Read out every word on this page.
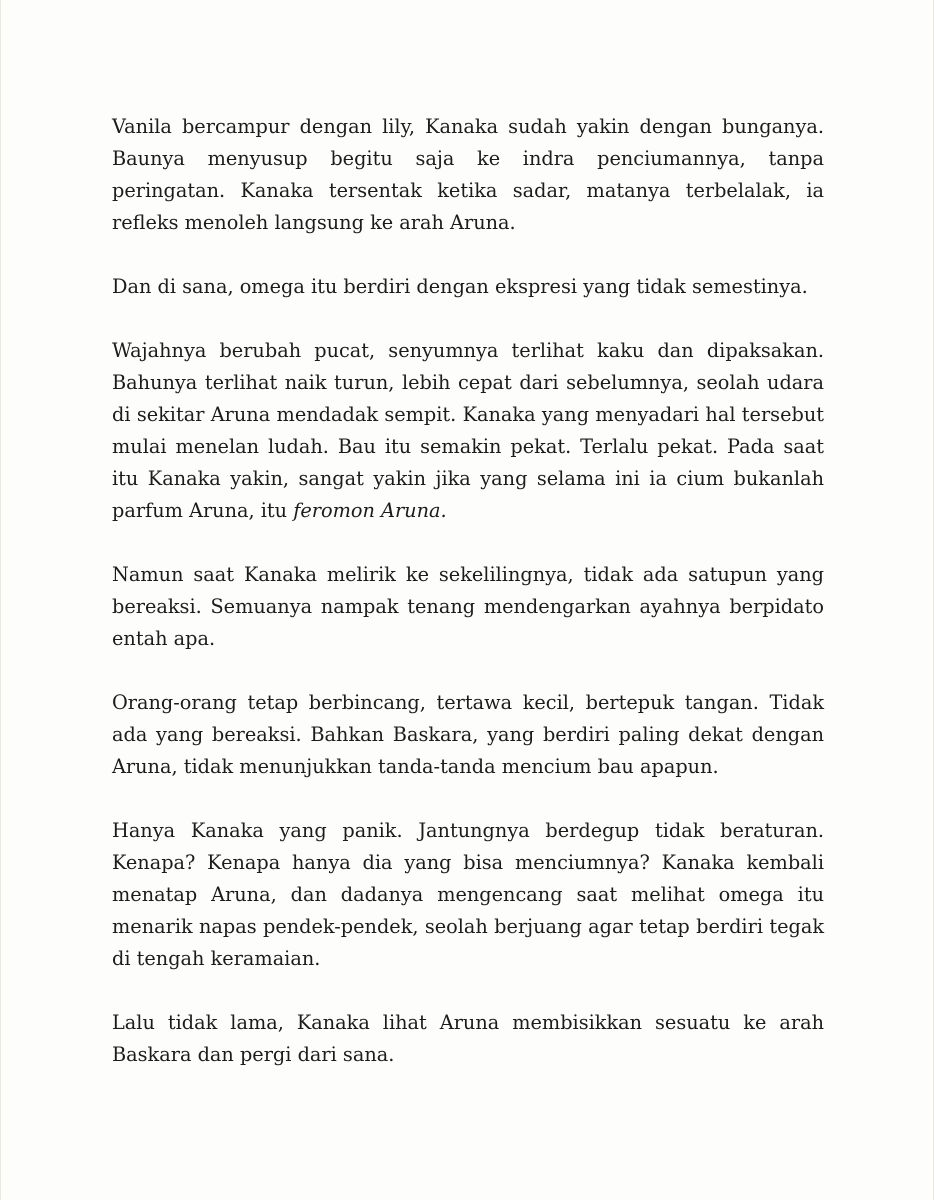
Vanila bercampur dengan lily, Kanaka sudah yakin dengan bunganya. Baunya menyusup begitu saja ke indra penciumannya, tanpa peringatan. Kanaka tersentak ketika sadar, matanya terbelalak, ia refleks menoleh langsung ke arah Aruna.

Dan di sana, omega itu berdiri dengan ekspresi yang tidak semestinya.

Wajahnya berubah pucat, senyumnya terlihat kaku dan dipaksakan. Bahunya terlihat naik turun, lebih cepat dari sebelumnya, seolah udara di sekitar Aruna mendadak sempit. Kanaka yang menyadari hal tersebut mulai menelan ludah. Bau itu semakin pekat. Terlalu pekat. Pada saat itu Kanaka yakin, sangat yakin jika yang selama ini ia cium bukanlah parfum Aruna, itu feromon Aruna.

Namun saat Kanaka melirik ke sekelilingnya, tidak ada satupun yang bereaksi. Semuanya nampak tenang mendengarkan ayahnya berpidato entah apa.

Orang-orang tetap berbincang, tertawa kecil, bertepuk tangan. Tidak ada yang bereaksi. Bahkan Baskara, yang berdiri paling dekat dengan Aruna, tidak menunjukkan tanda-tanda mencium bau apapun.

Hanya Kanaka yang panik. Jantungnya berdegup tidak beraturan. Kenapa? Kenapa hanya dia yang bisa menciumnya? Kanaka kembali menatap Aruna, dan dadanya mengencang saat melihat omega itu menarik napas pendek-pendek, seolah berjuang agar tetap berdiri tegak di tengah keramaian.

Lalu tidak lama, Kanaka lihat Aruna membisikkan sesuatu ke arah Baskara dan pergi dari sana.
